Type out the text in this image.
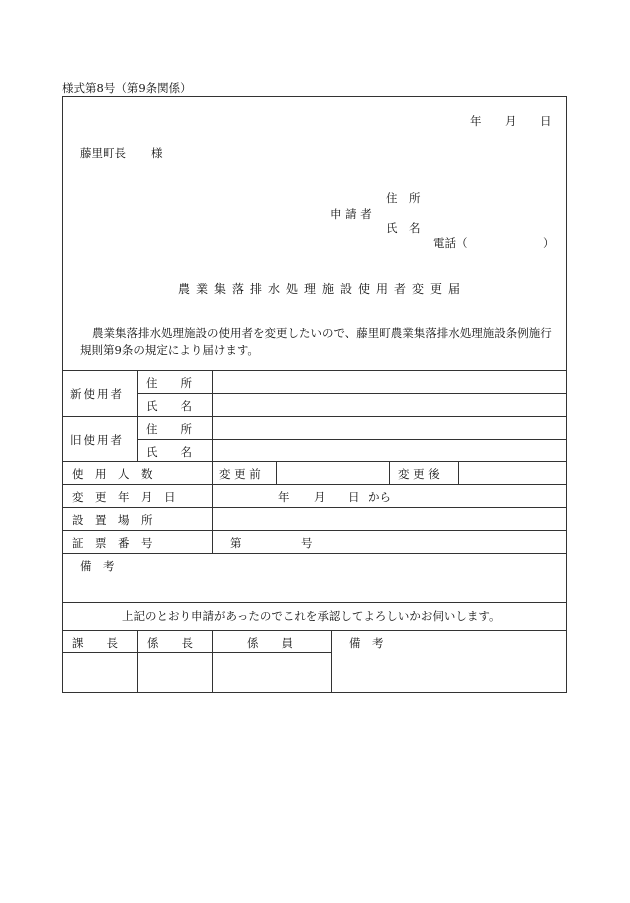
様式第8号（第9条関係）
年 月 日
藤里町長 様
住　所
申 請 者
氏　名
電話（	）
農業集落排水処理施設使用者変更届
農業集落排水処理施設の使用者を変更したいので、藤里町農業集落排水処理施設条例施行
規則第9条の規定により届けます。
新使用者
住　　所
氏　　名
旧使用者
住　　所
氏　　名
使　用　人　数	変 更 前	変 更 後
変　更　年　月　日	年 月 日 から
設　置　場　所
証　票　番　号	第	号
備　考
上記のとおり申請があったのでこれを承認してよろしいかお伺いします。
課　　長	係　　長	係　　員	備　考
